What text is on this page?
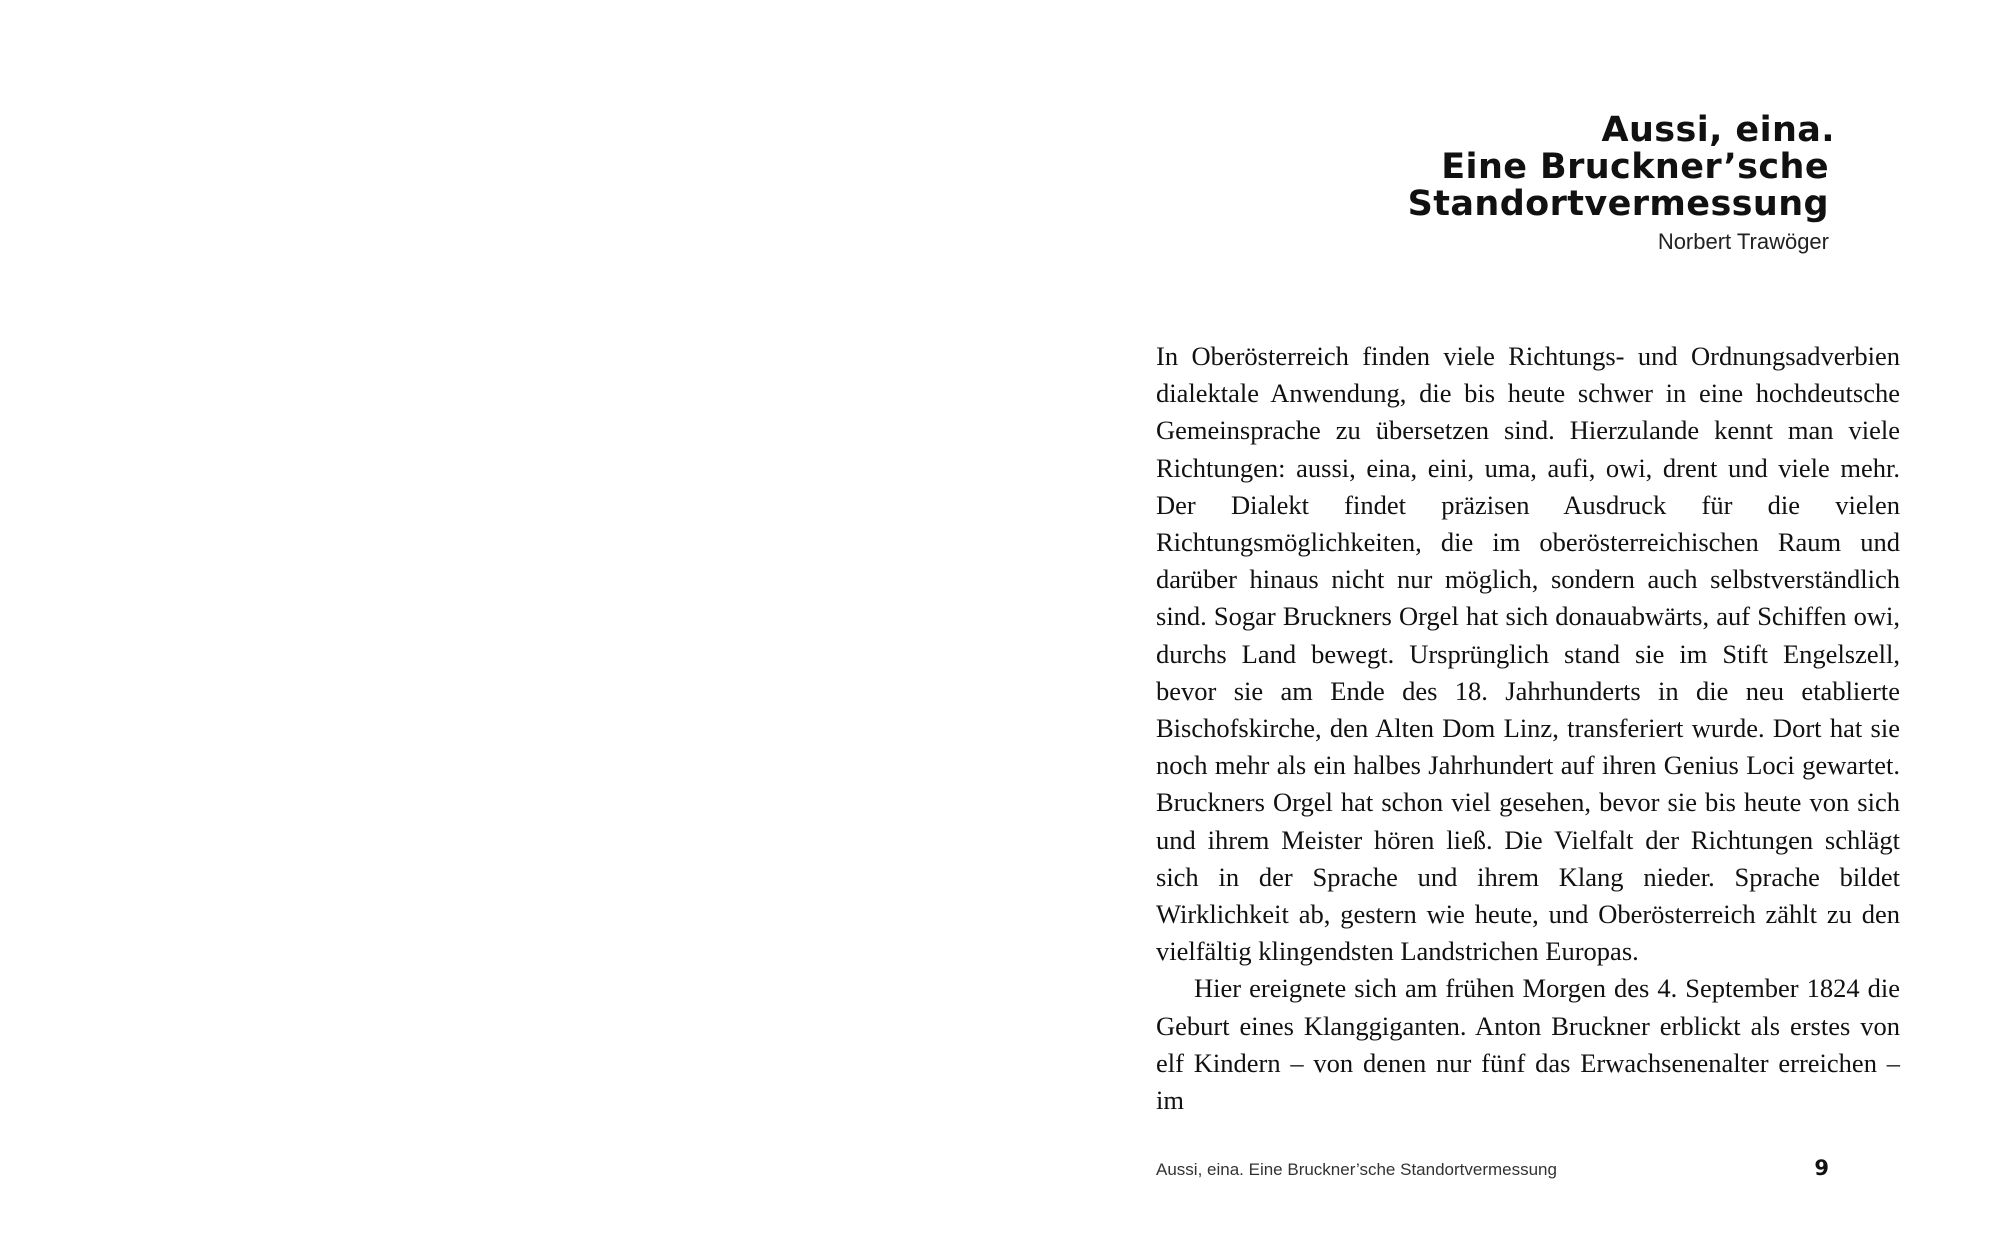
Aussi, eina.
Eine Bruckner’sche
Standortvermessung
Norbert Trawöger

In Oberösterreich finden viele Richtungs- und Ordnungsadverbien dialektale Anwendung, die bis heute schwer in eine hochdeutsche Gemeinsprache zu übersetzen sind. Hierzulande kennt man viele Richtungen: aussi, eina, eini, uma, aufi, owi, drent und viele mehr. Der Dialekt findet präzisen Ausdruck für die vielen Richtungsmöglichkeiten, die im oberösterreichischen Raum und darüber hinaus nicht nur möglich, sondern auch selbstverständlich sind. Sogar Bruckners Orgel hat sich donauabwärts, auf Schiffen owi, durchs Land bewegt. Ursprünglich stand sie im Stift Engelszell, bevor sie am Ende des 18. Jahrhunderts in die neu etablierte Bischofskirche, den Alten Dom Linz, transferiert wurde. Dort hat sie noch mehr als ein halbes Jahrhundert auf ihren Genius Loci gewartet. Bruckners Orgel hat schon viel gesehen, bevor sie bis heute von sich und ihrem Meister hören ließ. Die Vielfalt der Richtungen schlägt sich in der Sprache und ihrem Klang nieder. Sprache bildet Wirklichkeit ab, gestern wie heute, und Oberösterreich zählt zu den vielfältig klingendsten Landstrichen Europas.

Hier ereignete sich am frühen Morgen des 4. September 1824 die Geburt eines Klanggiganten. Anton Bruckner erblickt als erstes von elf Kindern – von denen nur fünf das Erwachsenenalter erreichen – im

Aussi, eina. Eine Bruckner’sche Standortvermessung	9
